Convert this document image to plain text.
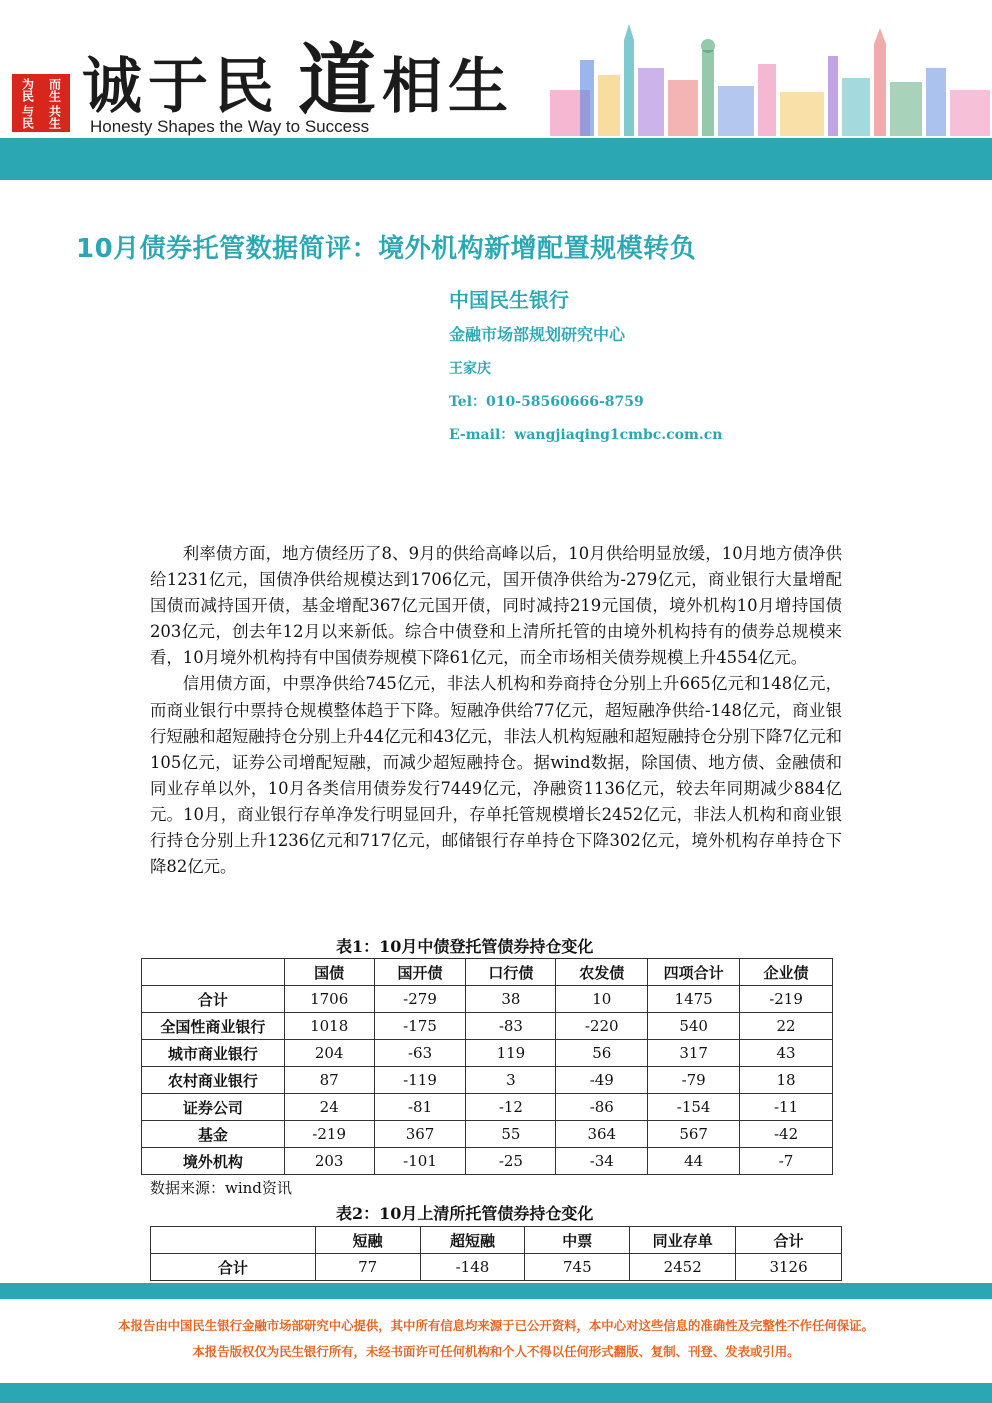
为民	而生
与民	共生 诚于民 道相生
Honesty Shapes the Way to Success
10月债券托管数据简评：境外机构新增配置规模转负
中国民生银行
金融市场部规划研究中心
王家庆
Tel：010-58560666-8759
E-mail：wangjiaqing1cmbc.com.cn

利率债方面，地方债经历了8、9月的供给高峰以后，10月供给明显放缓，10月地方债净供给1231亿元，国债净供给规模达到1706亿元，国开债净供给为-279亿元，商业银行大量增配国债而减持国开债，基金增配367亿元国开债，同时减持219元国债，境外机构10月增持国债203亿元，创去年12月以来新低。综合中债登和上清所托管的由境外机构持有的债券总规模来看，10月境外机构持有中国债券规模下降61亿元，而全市场相关债券规模上升4554亿元。

信用债方面，中票净供给745亿元，非法人机构和券商持仓分别上升665亿元和148亿元，而商业银行中票持仓规模整体趋于下降。短融净供给77亿元，超短融净供给-148亿元，商业银行短融和超短融持仓分别上升44亿元和43亿元，非法人机构短融和超短融持仓分别下降7亿元和105亿元，证券公司增配短融，而减少超短融持仓。据wind数据，除国债、地方债、金融债和同业存单以外，10月各类信用债券发行7449亿元，净融资1136亿元，较去年同期减少884亿元。10月，商业银行存单净发行明显回升，存单托管规模增长2452亿元，非法人机构和商业银行持仓分别上升1236亿元和717亿元，邮储银行存单持仓下降302亿元，境外机构存单持仓下降82亿元。

表1：10月中债登托管债券持仓变化
	国债	国开债	口行债	农发债	四项合计	企业债
合计	1706	-279	38	10	1475	-219
全国性商业银行	1018	-175	-83	-220	540	22
城市商业银行	204	-63	119	56	317	43
农村商业银行	87	-119	3	-49	-79	18
证券公司	24	-81	-12	-86	-154	-11
基金	-219	367	55	364	567	-42
境外机构	203	-101	-25	-34	44	-7
数据来源：wind资讯
表2：10月上清所托管债券持仓变化
	短融	超短融	中票	同业存单	合计
合计	77	-148	745	2452	3126
本报告由中国民生银行金融市场部研究中心提供，其中所有信息均来源于已公开资料，本中心对这些信息的准确性及完整性不作任何保证。
本报告版权仅为民生银行所有，未经书面许可任何机构和个人不得以任何形式翻版、复制、刊登、发表或引用。
